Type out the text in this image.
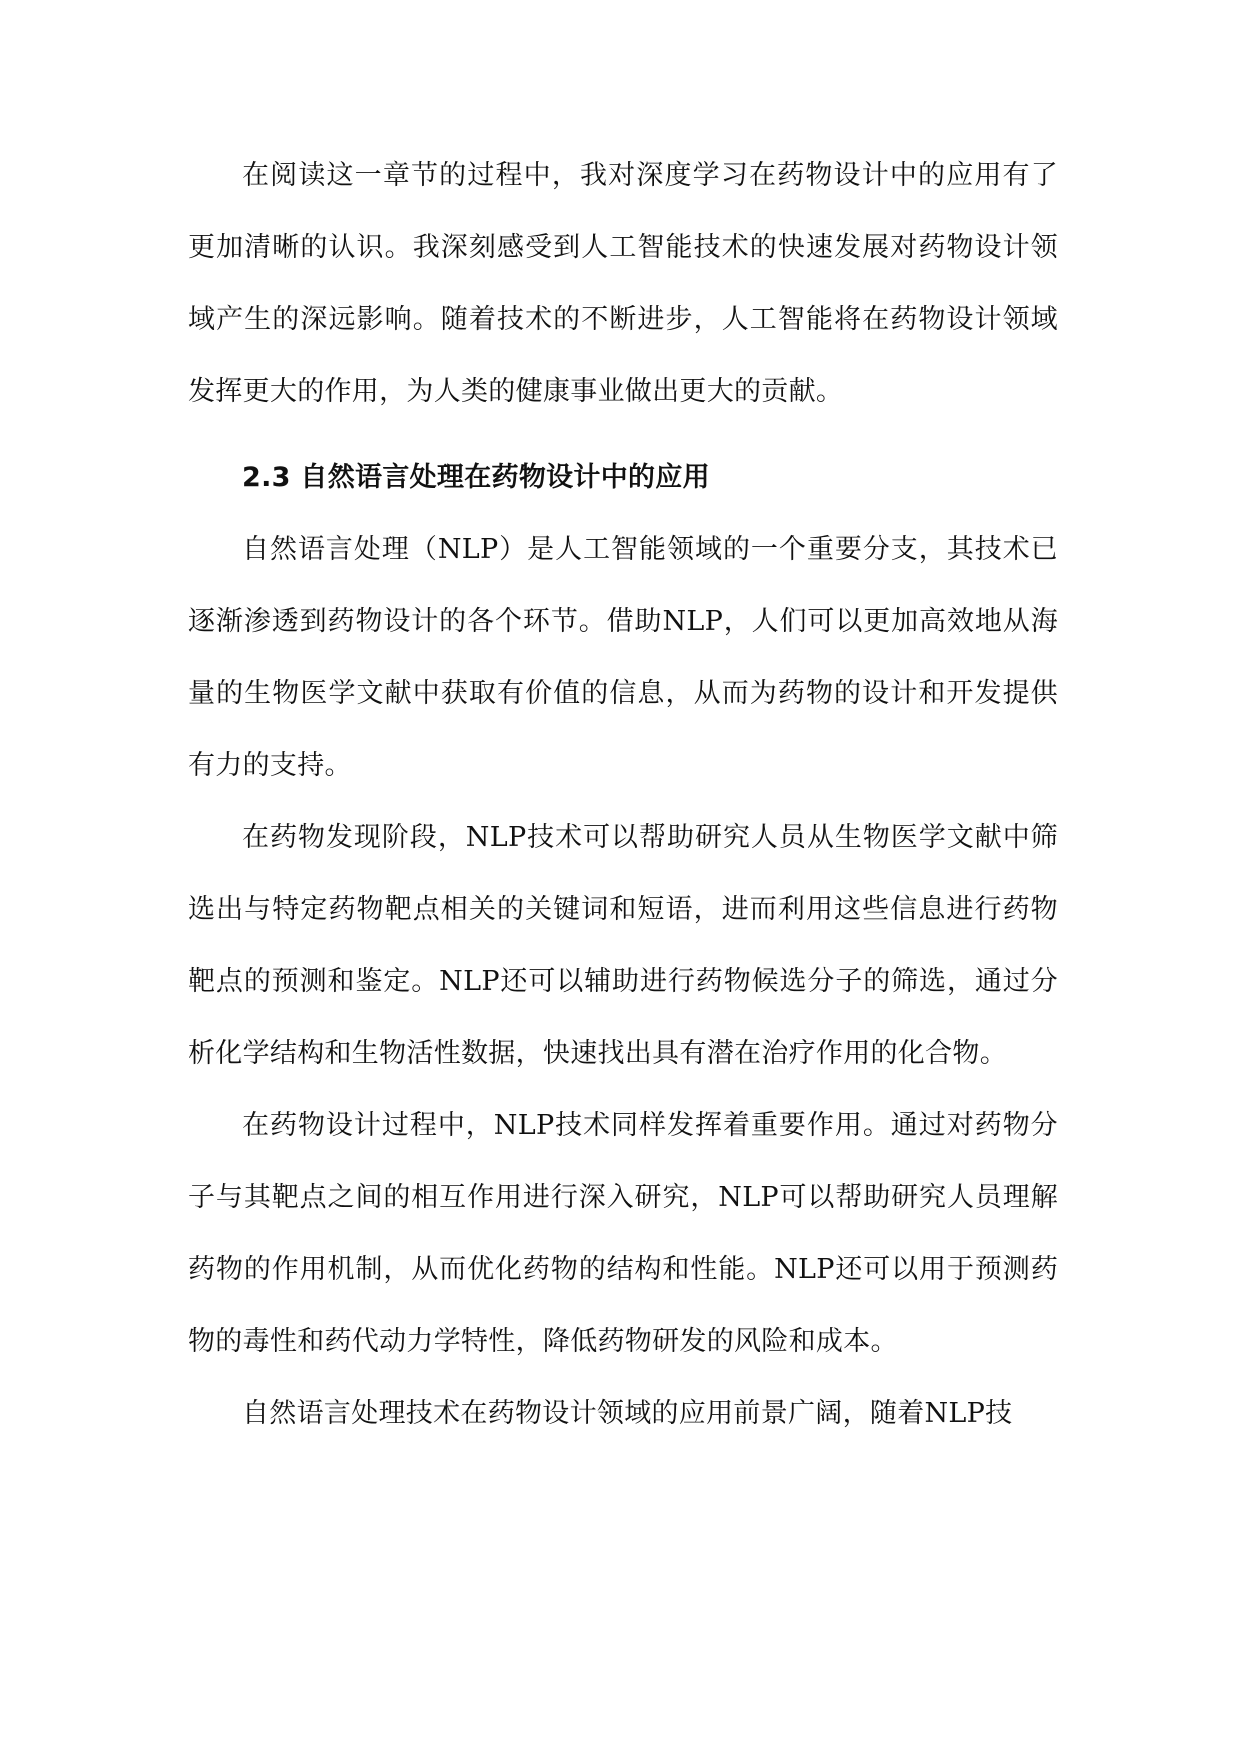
在阅读这一章节的过程中，我对深度学习在药物设计中的应用有了更加清晰的认识。我深刻感受到人工智能技术的快速发展对药物设计领域产生的深远影响。随着技术的不断进步，人工智能将在药物设计领域发挥更大的作用，为人类的健康事业做出更大的贡献。

2.3 自然语言处理在药物设计中的应用

自然语言处理（NLP）是人工智能领域的一个重要分支，其技术已逐渐渗透到药物设计的各个环节。借助NLP，人们可以更加高效地从海量的生物医学文献中获取有价值的信息，从而为药物的设计和开发提供有力的支持。

在药物发现阶段，NLP技术可以帮助研究人员从生物医学文献中筛选出与特定药物靶点相关的关键词和短语，进而利用这些信息进行药物靶点的预测和鉴定。NLP还可以辅助进行药物候选分子的筛选，通过分析化学结构和生物活性数据，快速找出具有潜在治疗作用的化合物。

在药物设计过程中，NLP技术同样发挥着重要作用。通过对药物分子与其靶点之间的相互作用进行深入研究，NLP可以帮助研究人员理解药物的作用机制，从而优化药物的结构和性能。NLP还可以用于预测药物的毒性和药代动力学特性，降低药物研发的风险和成本。

自然语言处理技术在药物设计领域的应用前景广阔，随着NLP技
